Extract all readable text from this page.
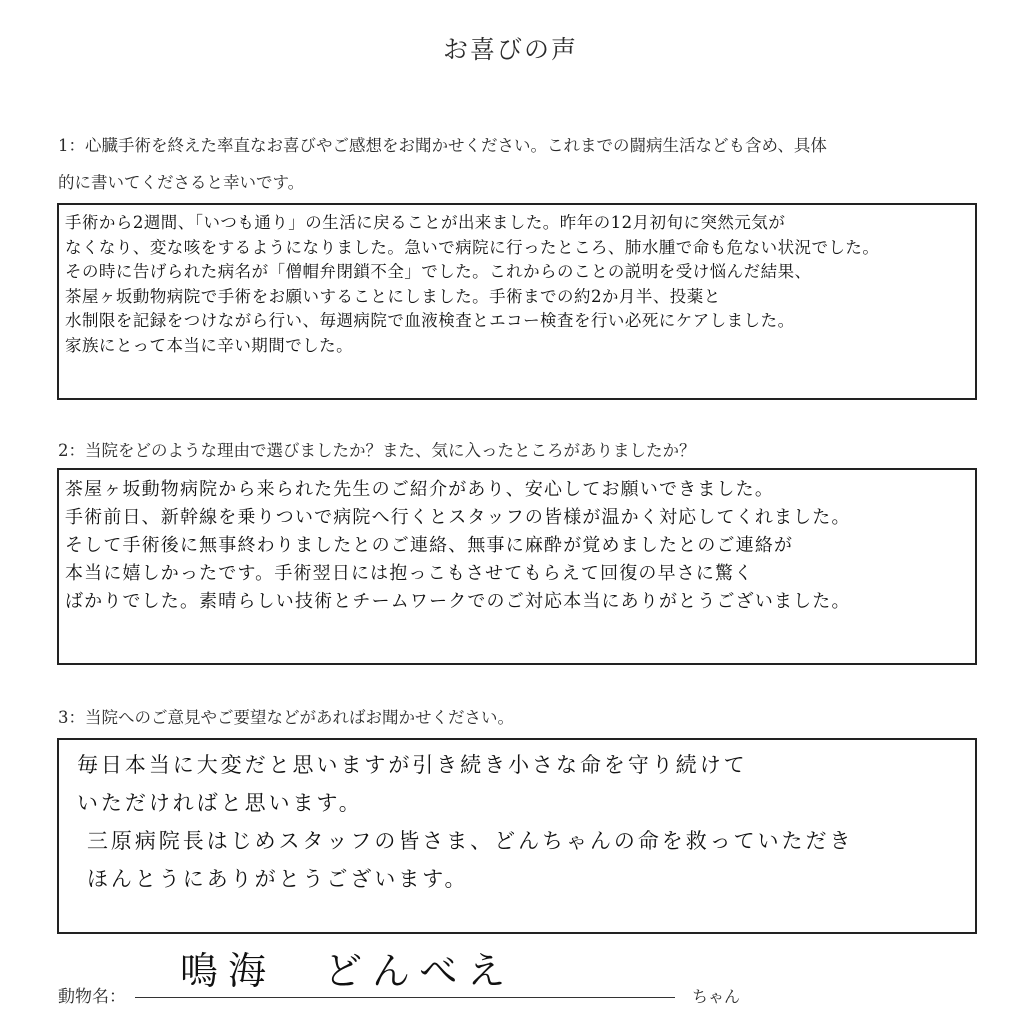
お喜びの声
1：心臓手術を終えた率直なお喜びやご感想をお聞かせください。これまでの闘病生活なども含め、具体
的に書いてくださると幸いです。
手術から2週間、「いつも通り」の生活に戻ることが出来ました。昨年の12月初旬に突然元気が
なくなり、変な咳をするようになりました。急いで病院に行ったところ、肺水腫で命も危ない状況でした。
その時に告げられた病名が「僧帽弁閉鎖不全」でした。これからのことの説明を受け悩んだ結果、
茶屋ヶ坂動物病院で手術をお願いすることにしました。手術までの約2か月半、投薬と
水制限を記録をつけながら行い、毎週病院で血液検査とエコー検査を行い必死にケアしました。
家族にとって本当に辛い期間でした。
2：当院をどのような理由で選びましたか？また、気に入ったところがありましたか？
茶屋ヶ坂動物病院から来られた先生のご紹介があり、安心してお願いできました。
手術前日、新幹線を乗りついで病院へ行くとスタッフの皆様が温かく対応してくれました。
そして手術後に無事終わりましたとのご連絡、無事に麻酔が覚めましたとのご連絡が
本当に嬉しかったです。手術翌日には抱っこもさせてもらえて回復の早さに驚く
ばかりでした。素晴らしい技術とチームワークでのご対応本当にありがとうございました。
3：当院へのご意見やご要望などがあればお聞かせください。
毎日本当に大変だと思いますが引き続き小さな命を守り続けて
いただければと思います。
三原病院長はじめスタッフの皆さま、どんちゃんの命を救っていただき
ほんとうにありがとうございます。
動物名：
鳴海　どんべえ
ちゃん
